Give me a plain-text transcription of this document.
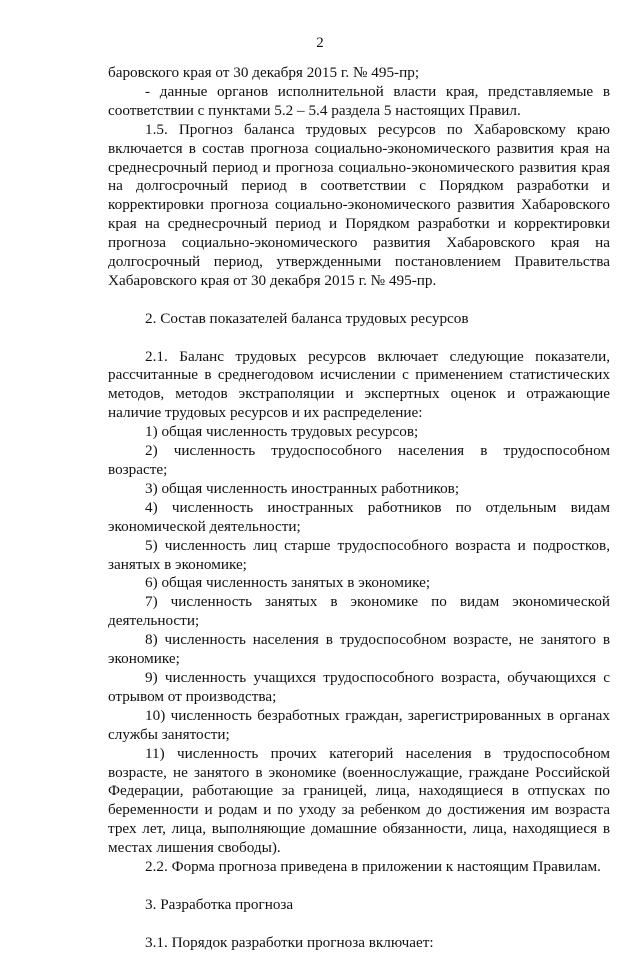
2

баровского края от 30 декабря 2015 г. № 495-пр;

- данные органов исполнительной власти края, представляемые в соответствии с пунктами 5.2 – 5.4 раздела 5 настоящих Правил.

1.5. Прогноз баланса трудовых ресурсов по Хабаровскому краю включается в состав прогноза социально-экономического развития края на среднесрочный период и прогноза социально-экономического развития края на долгосрочный период в соответствии с Порядком разработки и корректировки прогноза социально-экономического развития Хабаровского края на среднесрочный период и Порядком разработки и корректировки прогноза социально-экономического развития Хабаровского края на долгосрочный период, утвержденными постановлением Правительства Хабаровского края от 30 декабря 2015 г. № 495-пр.

2. Состав показателей баланса трудовых ресурсов

2.1. Баланс трудовых ресурсов включает следующие показатели, рассчитанные в среднегодовом исчислении с применением статистических методов, методов экстраполяции и экспертных оценок и отражающие наличие трудовых ресурсов и их распределение:

1) общая численность трудовых ресурсов;

2) численность трудоспособного населения в трудоспособном возрасте;

3) общая численность иностранных работников;

4) численность иностранных работников по отдельным видам экономической деятельности;

5) численность лиц старше трудоспособного возраста и подростков, занятых в экономике;

6) общая численность занятых в экономике;

7) численность занятых в экономике по видам экономической деятельности;

8) численность населения в трудоспособном возрасте, не занятого в экономике;

9) численность учащихся трудоспособного возраста, обучающихся с отрывом от производства;

10) численность безработных граждан, зарегистрированных в органах службы занятости;

11) численность прочих категорий населения в трудоспособном возрасте, не занятого в экономике (военнослужащие, граждане Российской Федерации, работающие за границей, лица, находящиеся в отпусках по беременности и родам и по уходу за ребенком до достижения им возраста трех лет, лица, выполняющие домашние обязанности, лица, находящиеся в местах лишения свободы).

2.2. Форма прогноза приведена в приложении к настоящим Правилам.

3. Разработка прогноза

3.1. Порядок разработки прогноза включает:
